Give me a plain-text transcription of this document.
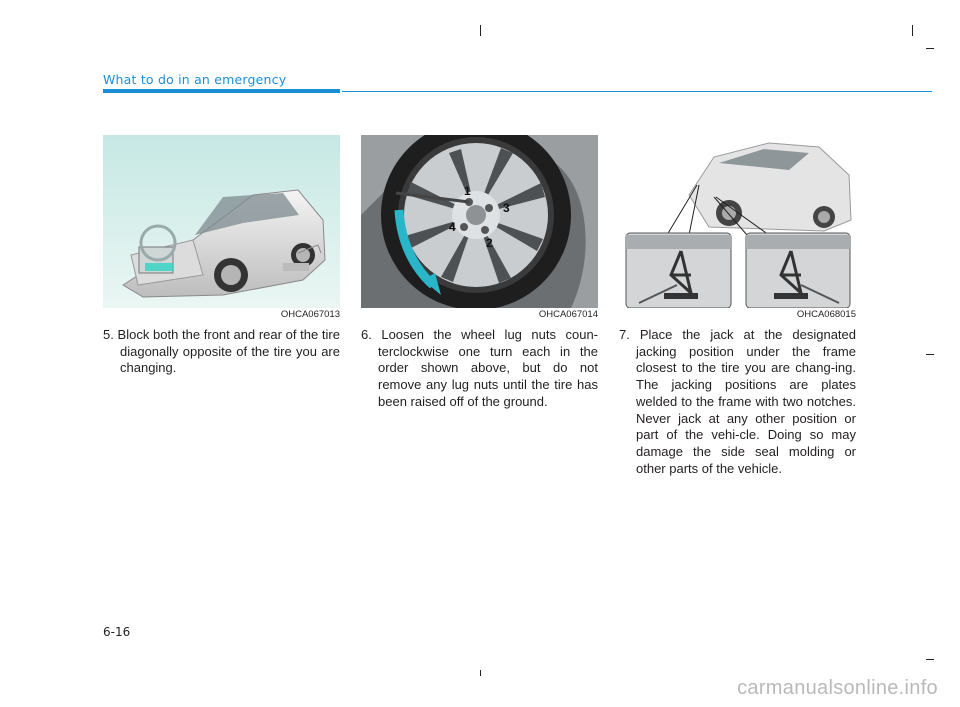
What to do in an emergency
OHCA067013
1
2
3
4
OHCA067014	OHCA068015
5. Block both the front and rear of the tire diagonally opposite of the tire you are changing.
6. Loosen the wheel lug nuts coun-terclockwise one turn each in the order shown above, but do not remove any lug nuts until the tire has been raised off of the ground.
7. Place the jack at the designated jacking position under the frame closest to the tire you are chang-ing. The jacking positions are plates welded to the frame with two notches. Never jack at any other position or part of the vehi-cle. Doing so may damage the side seal molding or other parts of the vehicle.
6-16
carmanualsonline.info
